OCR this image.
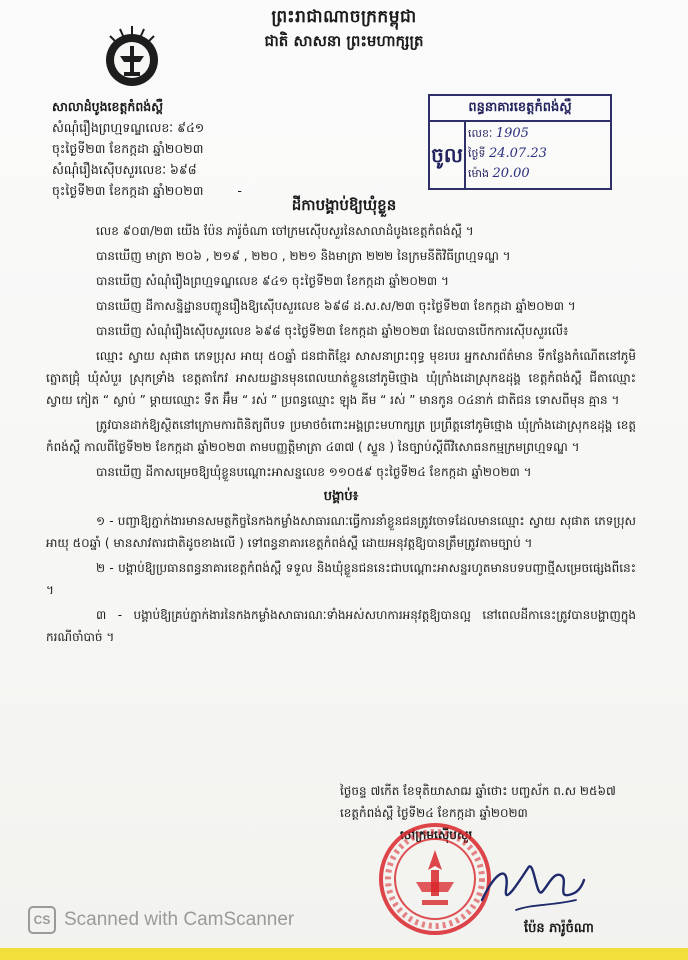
ព្រះរាជាណាចក្រកម្ពុជា
ជាតិ សាសនា ព្រះមហាក្សត្រ
សាលាដំបូងខេត្តកំពង់ស្ពឺ
សំណុំរឿងព្រហ្មទណ្ឌលេខៈ ៩៤១
ចុះថ្ងៃទី២៣ ខែកក្កដា ឆ្នាំ២០២៣
សំណុំរឿងស៊ើបសួរលេខៈ ៦៩៨
ចុះថ្ងៃទី២៣ ខែកក្កដា ឆ្នាំ២០២៣	-
ពន្ធនាគារខេត្តកំពង់ស្ពឺ
ចូល
លេខៈ 1905
ថ្ងៃទី 24.07.23
ម៉ោង 20.00
ដីកាបង្គាប់ឱ្យឃុំខ្លួន

លេខ ៩០៣/២៣ យើង ប៉ែន ភារ៉ូចំណា ចៅក្រមស៊ើបសួរនៃសាលាដំបូងខេត្តកំពង់ស្ពឺ ។

បានឃើញ មាត្រា ២០៦ , ២១៩ , ២២០ , ២២១ និងមាត្រា ២២២ នៃក្រមនីតិវិធីព្រហ្មទណ្ឌ ។

បានឃើញ សំណុំរឿងព្រហ្មទណ្ឌលេខ ៩៤១ ចុះថ្ងៃទី២៣ ខែកក្កដា ឆ្នាំ២០២៣ ។

បានឃើញ ដីកាសន្និដ្ឋានបញ្ជូនរឿងឱ្យស៊ើបសួរលេខ ៦៩៨ ដ.ស.ស/២៣ ចុះថ្ងៃទី២៣ ខែកក្កដា ឆ្នាំ២០២៣ ។

បានឃើញ សំណុំរឿងស៊ើបសួរលេខ ៦៩៨ ចុះថ្ងៃទី២៣ ខែកក្កដា ឆ្នាំ២០២៣ ដែលបានបើកការស៊ើបសួរលើ៖

ឈ្មោះ ស្វាយ សុផាត ភេទប្រុស អាយុ ៥០ឆ្នាំ ជនជាតិខ្មែរ សាសនាព្រះពុទ្ធ មុខរបរ អ្នកសារព័ត៌មាន ទីកន្លែងកំណើតនៅភូមិត្នោតជ្រុំ ឃុំសំបួរ ស្រុកទ្រាំង ខេត្តតាកែវ អាសយដ្ឋានមុនពេលឃាត់ខ្លួននៅភូមិថ្មោង ឃុំក្រាំងដោស្រុកឧដុង្គ ខេត្តកំពង់ស្ពឺ ជីតាឈ្មោះ ស្វាយ កៀត “ ស្លាប់ ” ម្ដាយឈ្មោះ ទឹត អ៊ឹម “ រស់ ” ប្រពន្ធឈ្មោះ ឡុង គីម “ រស់ ” មានកូន ០៤នាក់ ជាតិជន ទោសពីមុន គ្មាន ។

ត្រូវបានដាក់ឱ្យស្ថិតនៅក្រោមការពិនិត្យពីបទ ប្រមាថចំពោះអង្គព្រះមហាក្សត្រ ប្រព្រឹត្តនៅភូមិថ្មោង ឃុំក្រាំងដោស្រុកឧដុង្គ ខេត្តកំពង់ស្ពឺ កាលពីថ្ងៃទី២២ ខែកក្កដា ឆ្នាំ២០២៣ តាមបញ្ញត្តិមាត្រា ៤៣៧ ( ស្ទួន ) នៃច្បាប់ស្ដីពីវិសោធនកម្មក្រមព្រហ្មទណ្ឌ ។

បានឃើញ ដីកាសម្រេចឱ្យឃុំខ្លួនបណ្ដោះអាសន្នលេខ ១១០៥៩ ចុះថ្ងៃទី២៤ ខែកក្កដា ឆ្នាំ២០២៣ ។

បង្គាប់៖

១ - បញ្ជាឱ្យភ្នាក់ងារមានសមត្ថកិច្ចនៃកងកម្លាំងសាធារណៈធ្វើការនាំខ្លួនជនត្រូវចោទដែលមានឈ្មោះ ស្វាយ សុផាត ភេទប្រុស អាយុ ៥០ឆ្នាំ ( មានសាវតារជាតិដូចខាងលើ ) ទៅពន្ធនាគារខេត្តកំពង់ស្ពឺ ដោយអនុវត្តឱ្យបានត្រឹមត្រូវតាមច្បាប់ ។

២ - បង្គាប់ឱ្យប្រធានពន្ធនាគារខេត្តកំពង់ស្ពឺ ទទួល និងឃុំខ្លួនជននេះជាបណ្ដោះអាសន្នរហូតមានបទបញ្ជាថ្មីសម្រេចផ្សេងពីនេះ ។

៣ - បង្គាប់ឱ្យគ្រប់ភ្នាក់ងារនៃកងកម្លាំងសាធារណៈទាំងអស់សហការអនុវត្តឱ្យបានល្អ នៅពេលដីកានេះត្រូវបានបង្ហាញក្នុងករណីចាំបាច់ ។

ថ្ងៃចន្ទ ៧កើត ខែទុតិយាសាឍ ឆ្នាំថោះ បញ្ចស័ក ព.ស ២៥៦៧
ខេត្តកំពង់ស្ពឺ ថ្ងៃទី២៤ ខែកក្កដា ឆ្នាំ២០២៣
ចៅក្រមស៊ើបសួរ
ប៉ែន ភារ៉ូចំណា
CS Scanned with CamScanner
